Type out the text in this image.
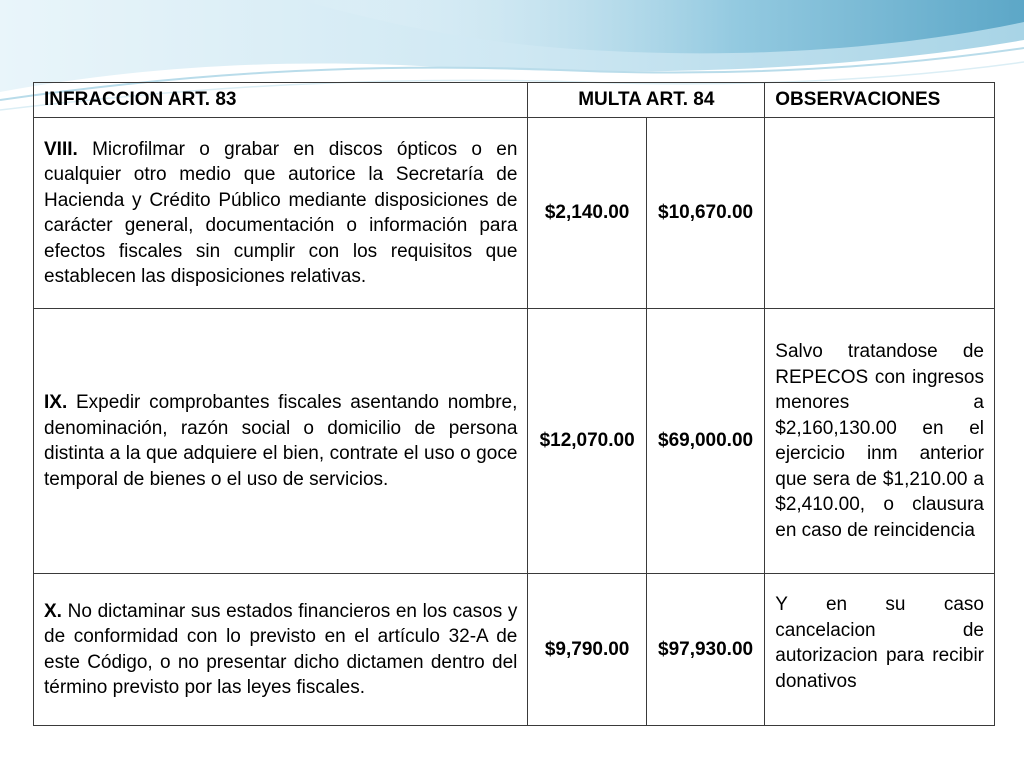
INFRACCION ART. 83	MULTA ART. 84		OBSERVACIONES
VIII. Microfilmar o grabar en discos ópticos o en cualquier otro medio que autorice la Secretaría de Hacienda y Crédito Público mediante disposiciones de carácter general, documentación o información para efectos fiscales sin cumplir con los requisitos que establecen las disposiciones relativas.	$2,140.00	$10,670.00	
IX. Expedir comprobantes fiscales asentando nombre, denominación, razón social o domicilio de persona distinta a la que adquiere el bien, contrate el uso o goce temporal de bienes o el uso de servicios.	$12,070.00	$69,000.00	Salvo tratandose de REPECOS con ingresos menores a $2,160,130.00 en el ejercicio inm anterior que sera de $1,210.00 a $2,410.00, o clausura en caso de reincidencia
X. No dictaminar sus estados financieros en los casos y de conformidad con lo previsto en el artículo 32-A de este Código, o no presentar dicho dictamen dentro del término previsto por las leyes fiscales.	$9,790.00	$97,930.00	Y en su caso cancelacion de autorizacion para recibir donativos
